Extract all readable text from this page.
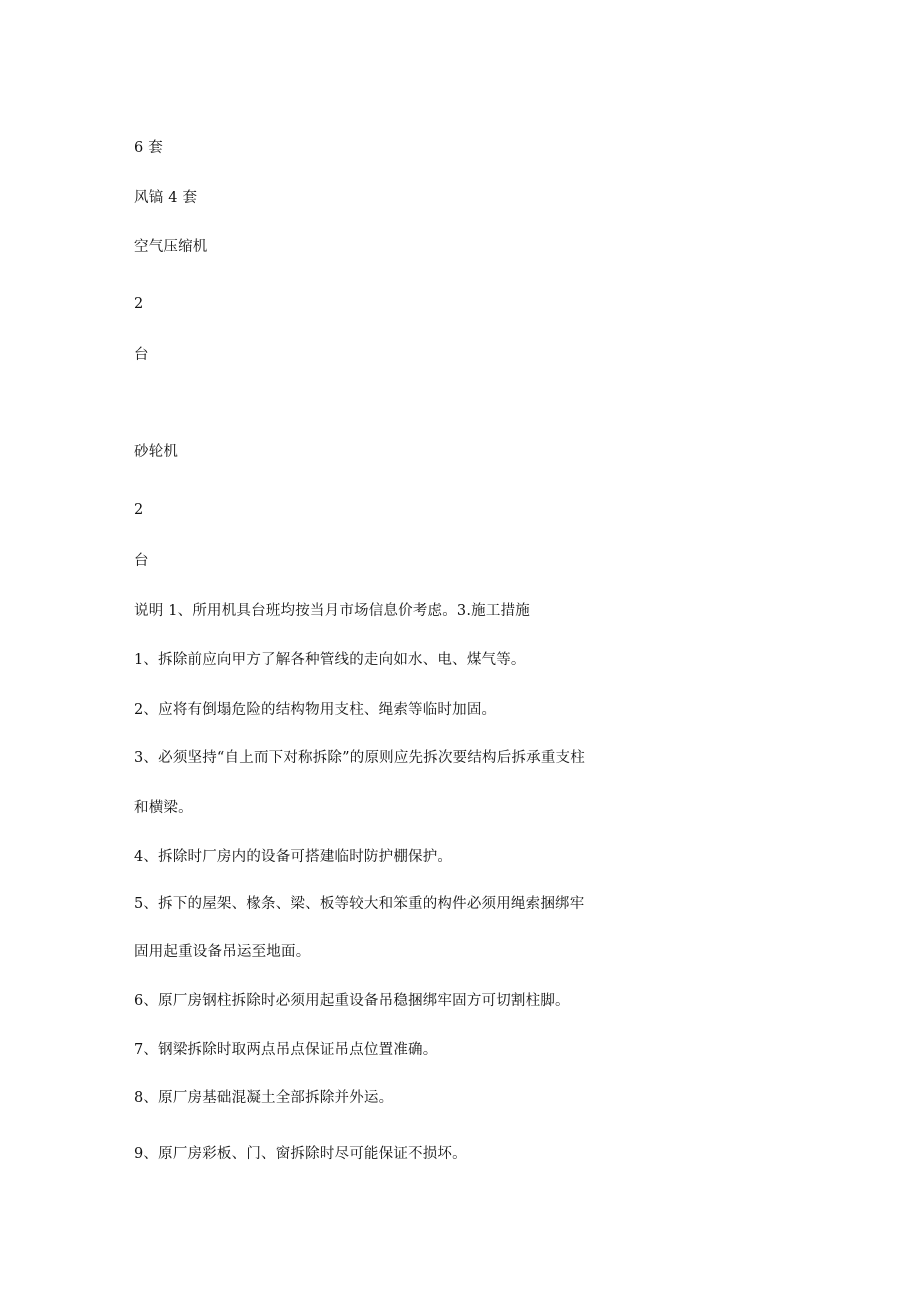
6 套
风镐 4 套
空气压缩机
2
台
砂轮机
2
台
说明 1、所用机具台班均按当月市场信息价考虑。3.施工措施
1、拆除前应向甲方了解各种管线的走向如水、电、煤气等。
2、应将有倒塌危险的结构物用支柱、绳索等临时加固。
3、必须坚持“自上而下对称拆除”的原则应先拆次要结构后拆承重支柱
和横梁。
4、拆除时厂房内的设备可搭建临时防护棚保护。
5、拆下的屋架、椽条、梁、板等较大和笨重的构件必须用绳索捆绑牢
固用起重设备吊运至地面。
6、原厂房钢柱拆除时必须用起重设备吊稳捆绑牢固方可切割柱脚。
7、钢梁拆除时取两点吊点保证吊点位置准确。
8、原厂房基础混凝土全部拆除并外运。
9、原厂房彩板、门、窗拆除时尽可能保证不损坏。
